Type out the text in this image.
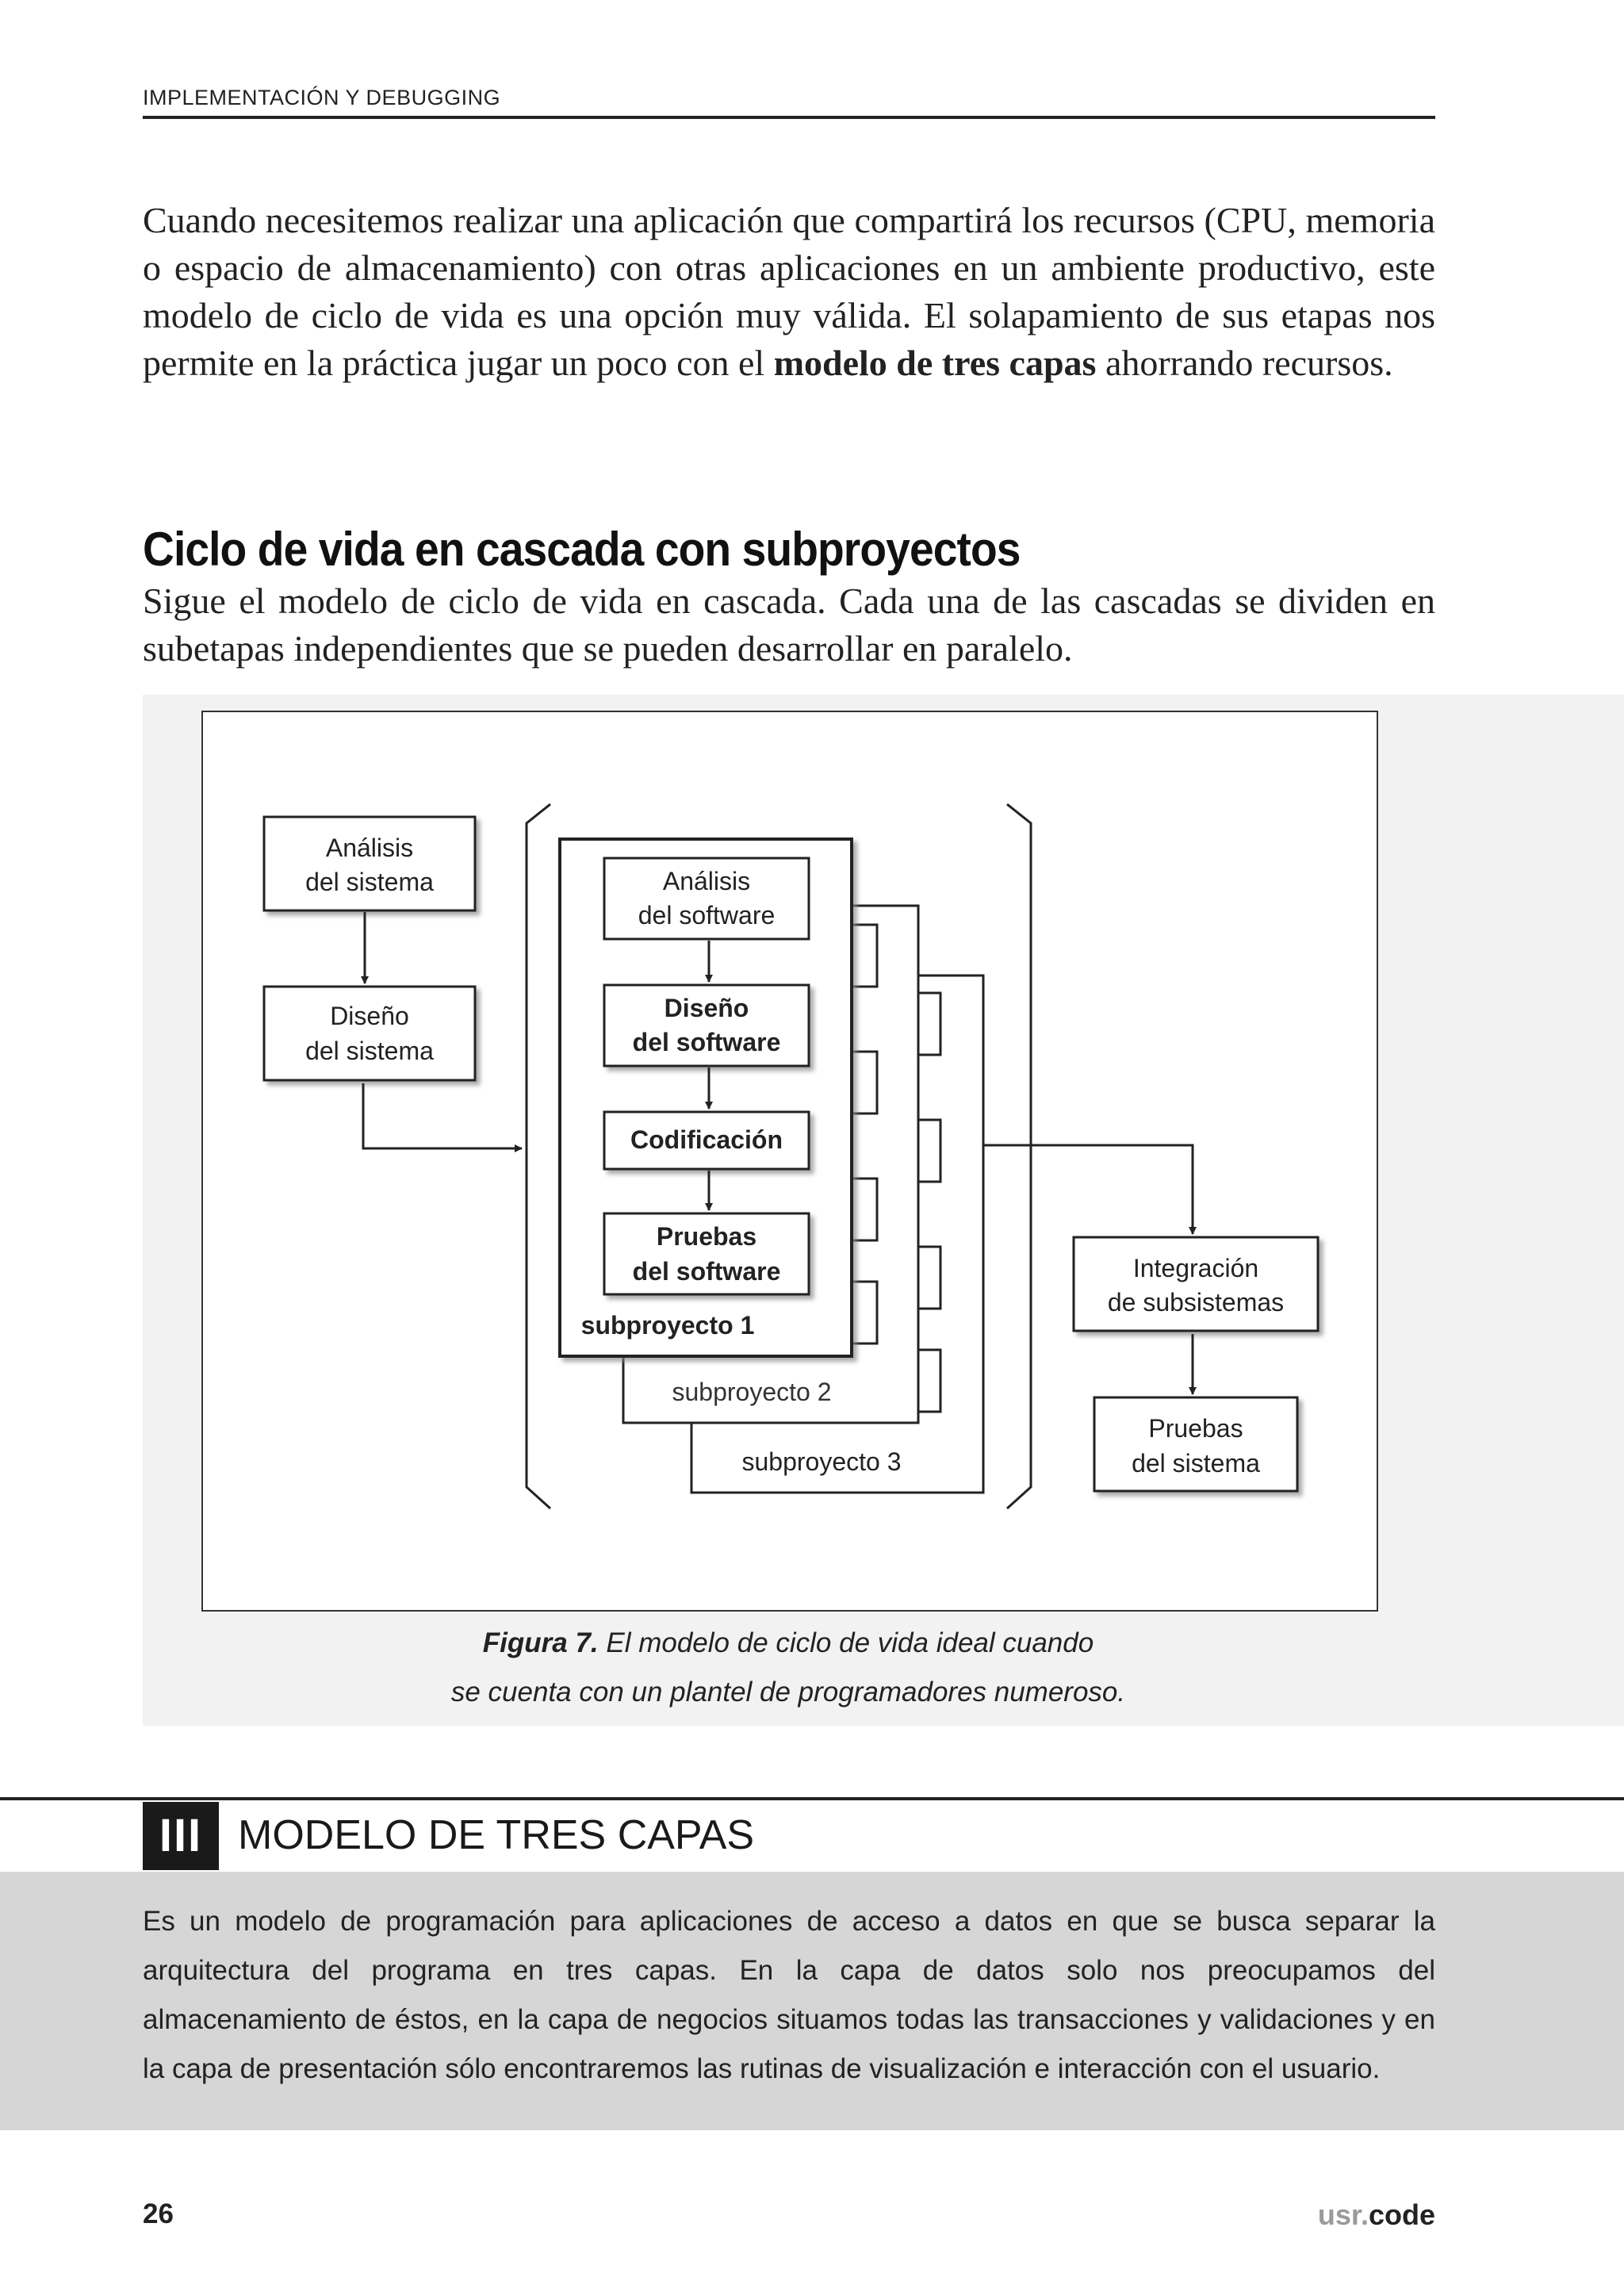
IMPLEMENTACIÓN Y DEBUGGING

Cuando necesitemos realizar una aplicación que compartirá los recursos (CPU, memoria o espacio de almacenamiento) con otras aplicaciones en un ambiente productivo, este modelo de ciclo de vida es una opción muy válida. El solapamiento de sus etapas nos permite en la práctica jugar un poco con el modelo de tres capas ahorrando recursos.

Ciclo de vida en cascada con subproyectos

Sigue el modelo de ciclo de vida en cascada. Cada una de las cascadas se dividen en subetapas independientes que se pueden desarrollar en paralelo.

Análisis
del sistema
Diseño
del sistema
subproyecto 3
subproyecto 2
Análisis
del software
Diseño
del software
Codificación
Pruebas
del software
subproyecto 1
Integración
de subsistemas
Pruebas
del sistema
Figura 7. El modelo de ciclo de vida ideal cuando
se cuenta con un plantel de programadores numeroso.
III MODELO DE TRES CAPAS

Es un modelo de programación para aplicaciones de acceso a datos en que se busca separar la arquitectura del programa en tres capas. En la capa de datos solo nos preocupamos del almacenamiento de éstos, en la capa de negocios situamos todas las transacciones y validaciones y en la capa de presentación sólo encontraremos las rutinas de visualización e interacción con el usuario.

26	usr.code
